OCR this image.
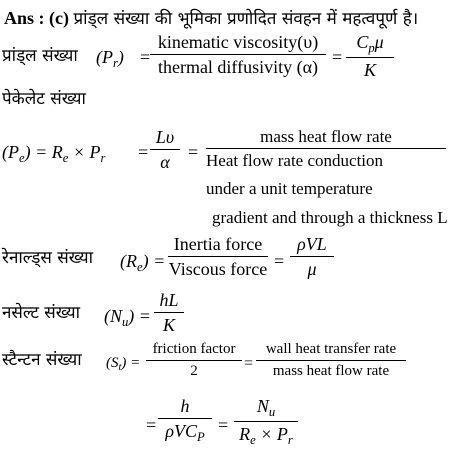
Ans : (c) प्रांड्ल संख्या की भूमिका प्रणोदित संवहन में महत्वपूर्ण है।
प्रांड्ल संख्या $(P_r)$ =
kinematic viscosity(υ)
thermal diffusivity (α) =
$C_p\mu$
K
पेकेलेट संख्या
$(P_e) = R_e \times P_r$ =
Lυ
α	=
mass heat flow rate
Heat flow rate conduction
under a unit temperature
gradient and through a thickness L
रेनाल्ड्स संख्या $(R_e)$ =
Inertia force
Viscous force =
ρVL
μ
नसेल्ट संख्या $(N_u)$ =
hL
K
स्टैन्टन संख्या $(S_t)$ =
friction factor
2	=
wall heat transfer rate
mass heat flow rate
=
h
ρVC$_P$
=
$N_u$
$R_e \times P_r$
